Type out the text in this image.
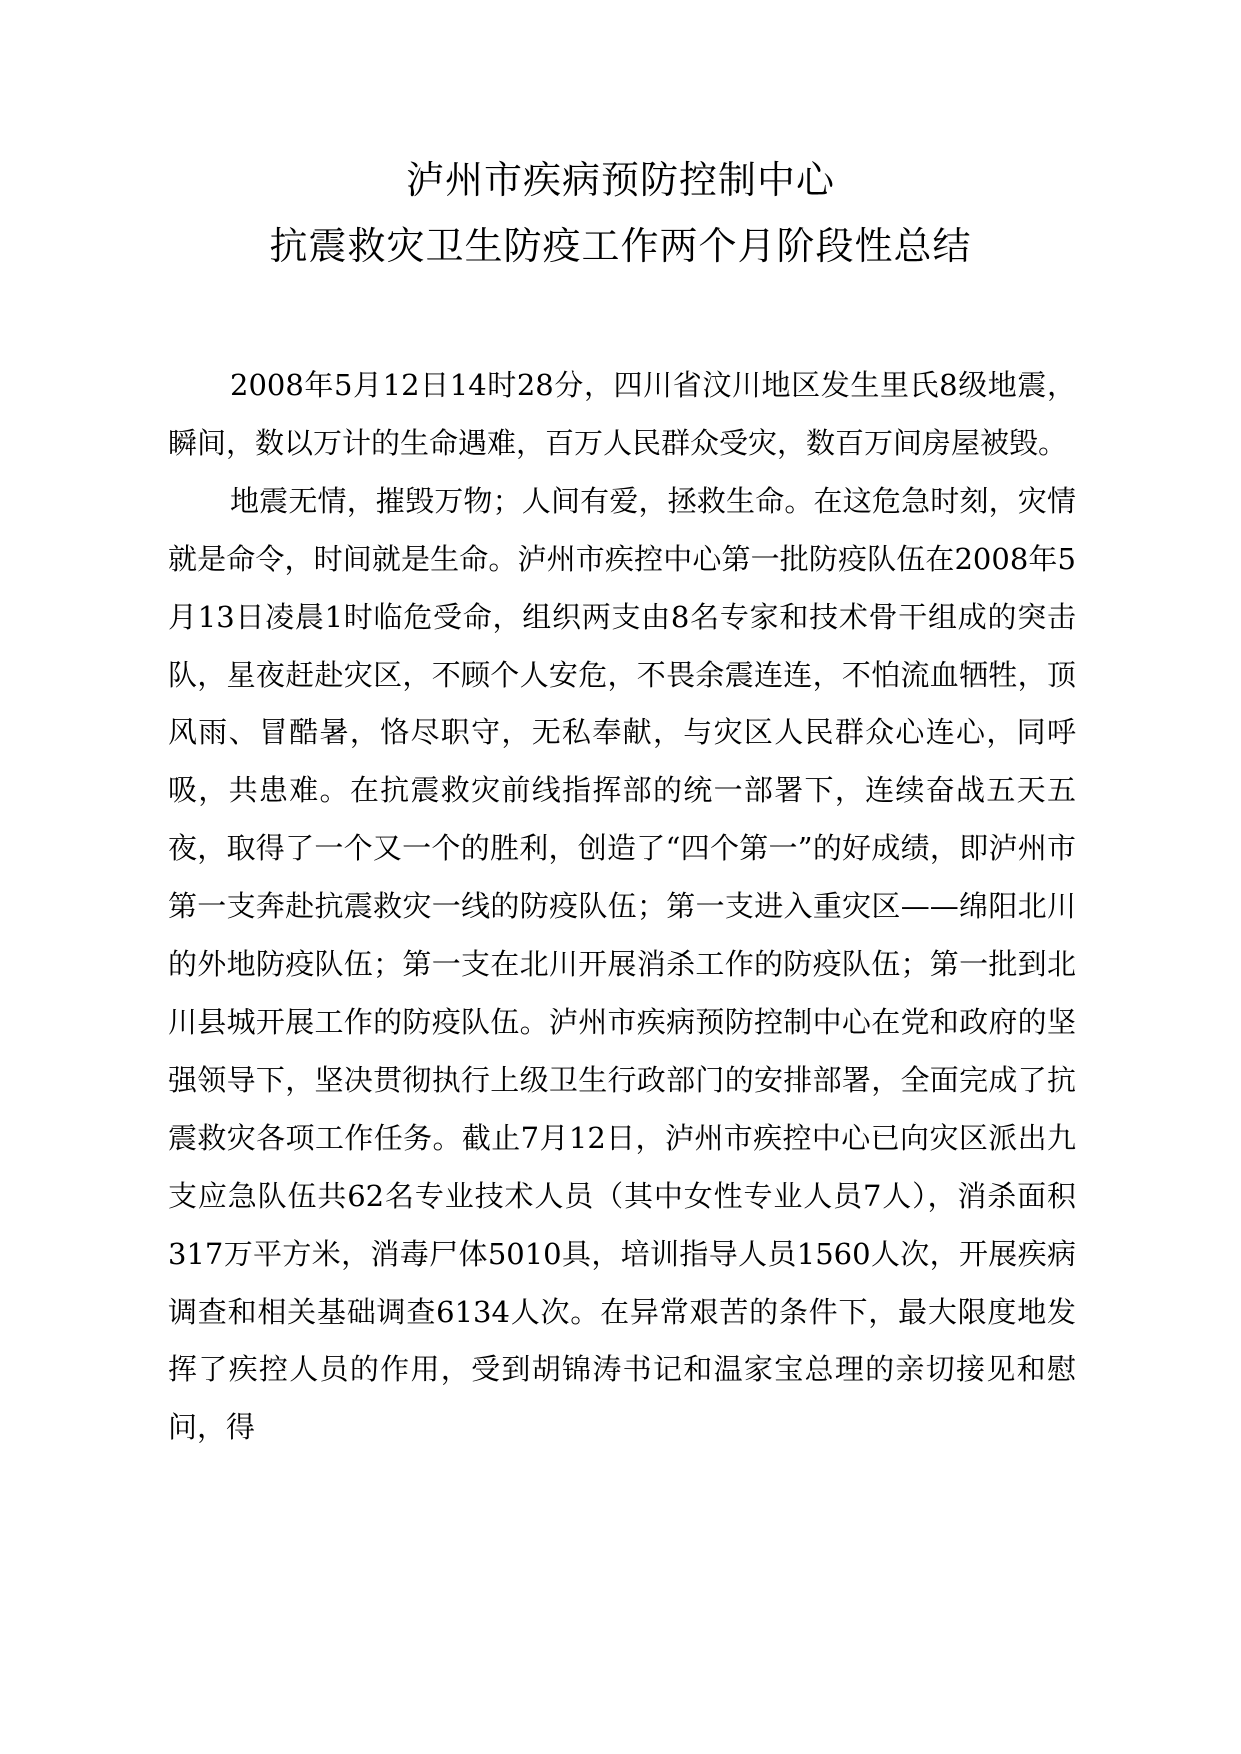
泸州市疾病预防控制中心
抗震救灾卫生防疫工作两个月阶段性总结

2008年5月12日14时28分，四川省汶川地区发生里氏8级地震，瞬间，数以万计的生命遇难，百万人民群众受灾，数百万间房屋被毁。

地震无情，摧毁万物；人间有爱，拯救生命。在这危急时刻，灾情就是命令，时间就是生命。泸州市疾控中心第一批防疫队伍在2008年5月13日凌晨1时临危受命，组织两支由8名专家和技术骨干组成的突击队，星夜赶赴灾区，不顾个人安危，不畏余震连连，不怕流血牺牲，顶风雨、冒酷暑，恪尽职守，无私奉献，与灾区人民群众心连心，同呼吸，共患难。在抗震救灾前线指挥部的统一部署下，连续奋战五天五夜，取得了一个又一个的胜利，创造了“四个第一”的好成绩，即泸州市第一支奔赴抗震救灾一线的防疫队伍；第一支进入重灾区——绵阳北川的外地防疫队伍；第一支在北川开展消杀工作的防疫队伍；第一批到北川县城开展工作的防疫队伍。泸州市疾病预防控制中心在党和政府的坚强领导下，坚决贯彻执行上级卫生行政部门的安排部署，全面完成了抗震救灾各项工作任务。截止7月12日，泸州市疾控中心已向灾区派出九支应急队伍共62名专业技术人员（其中女性专业人员7人），消杀面积317万平方米，消毒尸体5010具，培训指导人员1560人次，开展疾病调查和相关基础调查6134人次。在异常艰苦的条件下，最大限度地发挥了疾控人员的作用，受到胡锦涛书记和温家宝总理的亲切接见和慰问，得
